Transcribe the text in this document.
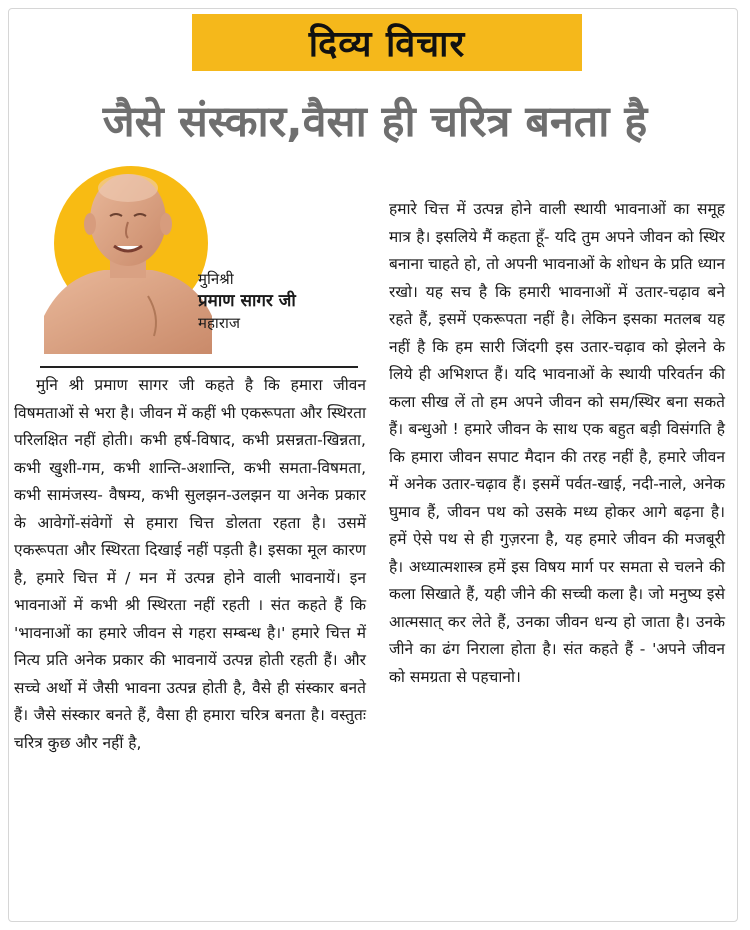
दिव्य विचार
जैसे संस्कार,वैसा ही चरित्र बनता है
मुनिश्री
प्रमाण सागर जी
महाराज

मुनि श्री प्रमाण सागर जी कहते है कि हमारा जीवन विषमताओं से भरा है। जीवन में कहीं भी एकरूपता और स्थिरता परिलक्षित नहीं होती। कभी हर्ष-विषाद, कभी प्रसन्नता-खिन्नता, कभी खुशी-गम, कभी शान्ति-अशान्ति, कभी समता-विषमता, कभी सामंजस्य- वैषम्य, कभी सुलझन-उलझन या अनेक प्रकार के आवेगों-संवेगों से हमारा चित्त डोलता रहता है। उसमें एकरूपता और स्थिरता दिखाई नहीं पड़ती है। इसका मूल कारण है, हमारे चित्त में / मन में उत्पन्न होने वाली भावनायें। इन भावनाओं में कभी श्री स्थिरता नहीं रहती । संत कहते हैं कि 'भावनाओं का हमारे जीवन से गहरा सम्बन्ध है।' हमारे चित्त में नित्य प्रति अनेक प्रकार की भावनायें उत्पन्न होती रहती हैं। और सच्चे अर्थो में जैसी भावना उत्पन्न होती है, वैसे ही संस्कार बनते हैं। जैसे संस्कार बनते हैं, वैसा ही हमारा चरित्र बनता है। वस्तुतः चरित्र कुछ और नहीं है,

हमारे चित्त में उत्पन्न होने वाली स्थायी भावनाओं का समूह मात्र है। इसलिये मैं कहता हूँ- यदि तुम अपने जीवन को स्थिर बनाना चाहते हो, तो अपनी भावनाओं के शोधन के प्रति ध्यान रखो। यह सच है कि हमारी भावनाओं में उतार-चढ़ाव बने रहते हैं, इसमें एकरूपता नहीं है। लेकिन इसका मतलब यह नहीं है कि हम सारी जिंदगी इस उतार-चढ़ाव को झेलने के लिये ही अभिशप्त हैं। यदि भावनाओं के स्थायी परिवर्तन की कला सीख लें तो हम अपने जीवन को सम/स्थिर बना सकते हैं। बन्धुओ ! हमारे जीवन के साथ एक बहुत बड़ी विसंगति है कि हमारा जीवन सपाट मैदान की तरह नहीं है, हमारे जीवन में अनेक उतार-चढ़ाव हैं। इसमें पर्वत-खाई, नदी-नाले, अनेक घुमाव हैं, जीवन पथ को उसके मध्य होकर आगे बढ़ना है। हमें ऐसे पथ से ही गुज़रना है, यह हमारे जीवन की मजबूरी है। अध्यात्मशास्त्र हमें इस विषय मार्ग पर समता से चलने की कला सिखाते हैं, यही जीने की सच्ची कला है। जो मनुष्य इसे आत्मसात् कर लेते हैं, उनका जीवन धन्य हो जाता है। उनके जीने का ढंग निराला होता है। संत कहते हैं - 'अपने जीवन को समग्रता से पहचानो।
